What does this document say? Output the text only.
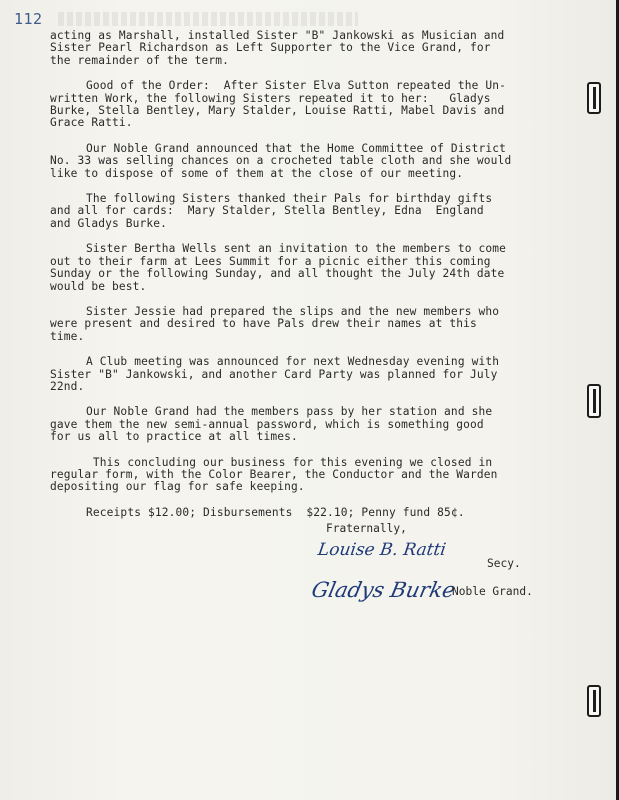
112

acting as Marshall, installed Sister "B" Jankowski as Musician and
Sister Pearl Richardson as Left Supporter to the Vice Grand, for
the remainder of the term.

Good of the Order:  After Sister Elva Sutton repeated the Un-
written Work, the following Sisters repeated it to her:   Gladys
Burke, Stella Bentley, Mary Stalder, Louise Ratti, Mabel Davis and
Grace Ratti.

Our Noble Grand announced that the Home Committee of District
No. 33 was selling chances on a crocheted table cloth and she would
like to dispose of some of them at the close of our meeting.

The following Sisters thanked their Pals for birthday gifts
and all for cards:  Mary Stalder, Stella Bentley, Edna  England
and Gladys Burke.

Sister Bertha Wells sent an invitation to the members to come
out to their farm at Lees Summit for a picnic either this coming
Sunday or the following Sunday, and all thought the July 24th date
would be best.

Sister Jessie had prepared the slips and the new members who
were present and desired to have Pals drew their names at this
time.

A Club meeting was announced for next Wednesday evening with
Sister "B" Jankowski, and another Card Party was planned for July
22nd.

Our Noble Grand had the members pass by her station and she
gave them the new semi-annual password, which is something good
for us all to practice at all times.

This concluding our business for this evening we closed in
regular form, with the Color Bearer, the Conductor and the Warden
depositing our flag for safe keeping.

Receipts $12.00; Disbursements  $22.10; Penny fund 85¢.
Fraternally,
Louise B. Ratti
Secy.
Gladys Burke
Noble Grand.
